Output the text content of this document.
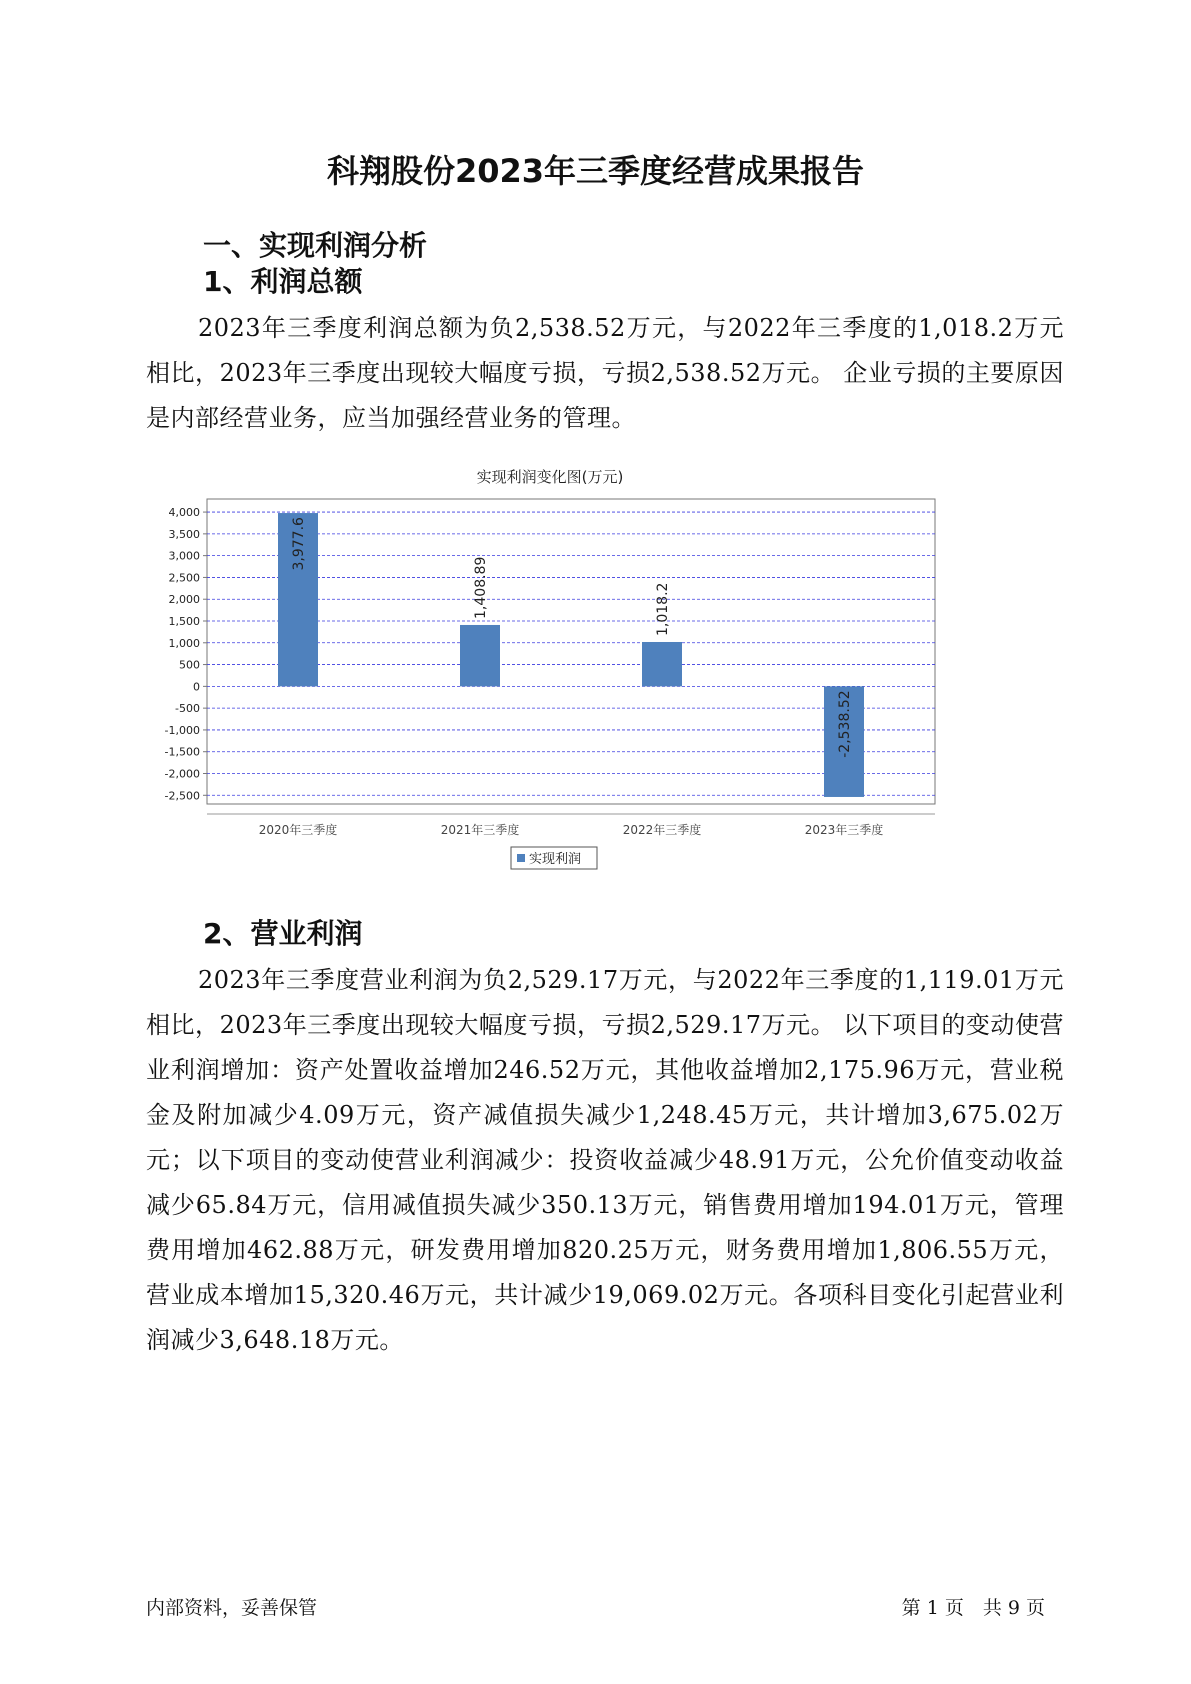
科翔股份2023年三季度经营成果报告
一、实现利润分析
1、利润总额
2023年三季度利润总额为负2,538.52万元，与2022年三季度的1,018.2万元相比，2023年三季度出现较大幅度亏损，亏损2,538.52万元。 企业亏损的主要原因是内部经营业务，应当加强经营业务的管理。
实现利润变化图(万元)
4,000
3,500
3,000
2,500
2,000
1,500
1,000
500
0
-500
-1,000
-1,500
-2,000
-2,500
3,977.6
2020年三季度
1,408.89
2021年三季度
1,018.2
2022年三季度
-2,538.52
2023年三季度
实现利润
2、营业利润
2023年三季度营业利润为负2,529.17万元，与2022年三季度的1,119.01万元相比，2023年三季度出现较大幅度亏损，亏损2,529.17万元。 以下项目的变动使营业利润增加：资产处置收益增加246.52万元，其他收益增加2,175.96万元，营业税金及附加减少4.09万元，资产减值损失减少1,248.45万元，共计增加3,675.02万元；以下项目的变动使营业利润减少：投资收益减少48.91万元，公允价值变动收益减少65.84万元，信用减值损失减少350.13万元，销售费用增加194.01万元，管理费用增加462.88万元，研发费用增加820.25万元，财务费用增加1,806.55万元，营业成本增加15,320.46万元，共计减少19,069.02万元。各项科目变化引起营业利润减少3,648.18万元。
内部资料，妥善保管	第 1 页　共 9 页
